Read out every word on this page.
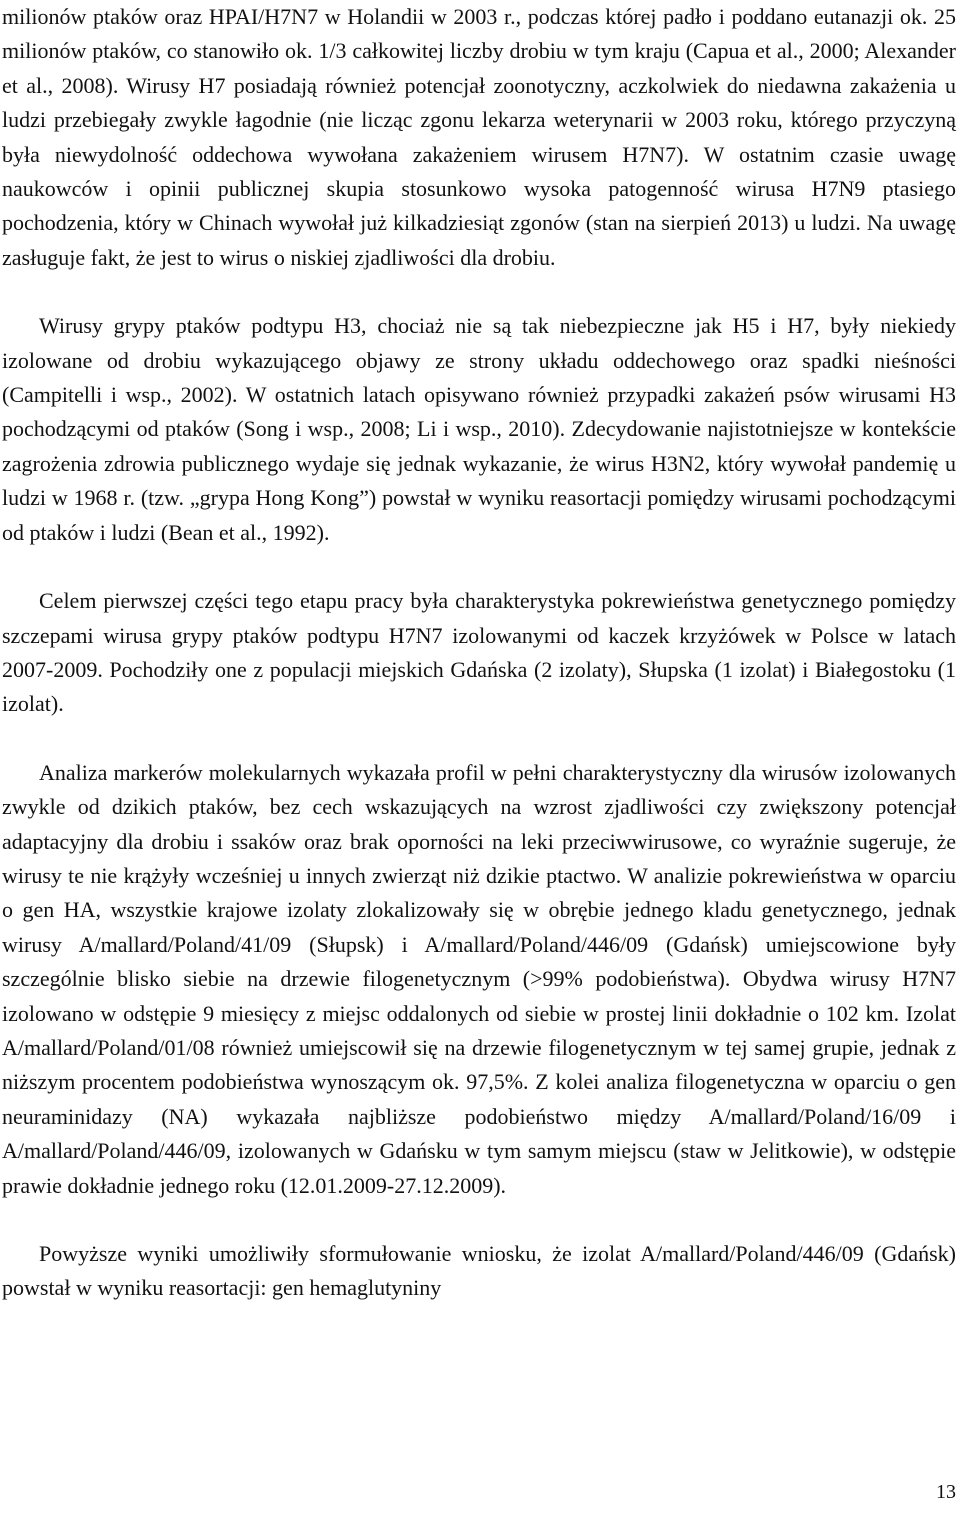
milionów ptaków oraz HPAI/H7N7 w Holandii w 2003 r., podczas której padło i poddano eutanazji ok. 25 milionów ptaków, co stanowiło ok. 1/3 całkowitej liczby drobiu w tym kraju (Capua et al., 2000; Alexander et al., 2008). Wirusy H7 posiadają również potencjał zoonotyczny, aczkolwiek do niedawna zakażenia u ludzi przebiegały zwykle łagodnie (nie licząc zgonu lekarza weterynarii w 2003 roku, którego przyczyną była niewydolność oddechowa wywołana zakażeniem wirusem H7N7). W ostatnim czasie uwagę naukowców i opinii publicznej skupia stosunkowo wysoka patogenność wirusa H7N9 ptasiego pochodzenia, który w Chinach wywołał już kilkadziesiąt zgonów (stan na sierpień 2013) u ludzi. Na uwagę zasługuje fakt, że jest to wirus o niskiej zjadliwości dla drobiu.

Wirusy grypy ptaków podtypu H3, chociaż nie są tak niebezpieczne jak H5 i H7, były niekiedy izolowane od drobiu wykazującego objawy ze strony układu oddechowego oraz spadki nieśności (Campitelli i wsp., 2002). W ostatnich latach opisywano również przypadki zakażeń psów wirusami H3 pochodzącymi od ptaków (Song i wsp., 2008; Li i wsp., 2010). Zdecydowanie najistotniejsze w kontekście zagrożenia zdrowia publicznego wydaje się jednak wykazanie, że wirus H3N2, który wywołał pandemię u ludzi w 1968 r. (tzw. „grypa Hong Kong”) powstał w wyniku reasortacji pomiędzy wirusami pochodzącymi od ptaków i ludzi (Bean et al., 1992).

Celem pierwszej części tego etapu pracy była charakterystyka pokrewieństwa genetycznego pomiędzy szczepami wirusa grypy ptaków podtypu H7N7 izolowanymi od kaczek krzyżówek w Polsce w latach 2007-2009. Pochodziły one z populacji miejskich Gdańska (2 izolaty), Słupska (1 izolat) i Białegostoku (1 izolat).

Analiza markerów molekularnych wykazała profil w pełni charakterystyczny dla wirusów izolowanych zwykle od dzikich ptaków, bez cech wskazujących na wzrost zjadliwości czy zwiększony potencjał adaptacyjny dla drobiu i ssaków oraz brak oporności na leki przeciwwirusowe, co wyraźnie sugeruje, że wirusy te nie krążyły wcześniej u innych zwierząt niż dzikie ptactwo. W analizie pokrewieństwa w oparciu o gen HA, wszystkie krajowe izolaty zlokalizowały się w obrębie jednego kladu genetycznego, jednak wirusy A/mallard/Poland/41/09 (Słupsk) i A/mallard/Poland/446/09 (Gdańsk) umiejscowione były szczególnie blisko siebie na drzewie filogenetycznym (>99% podobieństwa). Obydwa wirusy H7N7 izolowano w odstępie 9 miesięcy z miejsc oddalonych od siebie w prostej linii dokładnie o 102 km. Izolat A/mallard/Poland/01/08 również umiejscowił się na drzewie filogenetycznym w tej samej grupie, jednak z niższym procentem podobieństwa wynoszącym ok. 97,5%. Z kolei analiza filogenetyczna w oparciu o gen neuraminidazy (NA) wykazała najbliższe podobieństwo między A/mallard/Poland/16/09 i A/mallard/Poland/446/09, izolowanych w Gdańsku w tym samym miejscu (staw w Jelitkowie), w odstępie prawie dokładnie jednego roku (12.01.2009-27.12.2009).

Powyższe wyniki umożliwiły sformułowanie wniosku, że izolat A/mallard/Poland/446/09 (Gdańsk) powstał w wyniku reasortacji: gen hemaglutyniny

13
